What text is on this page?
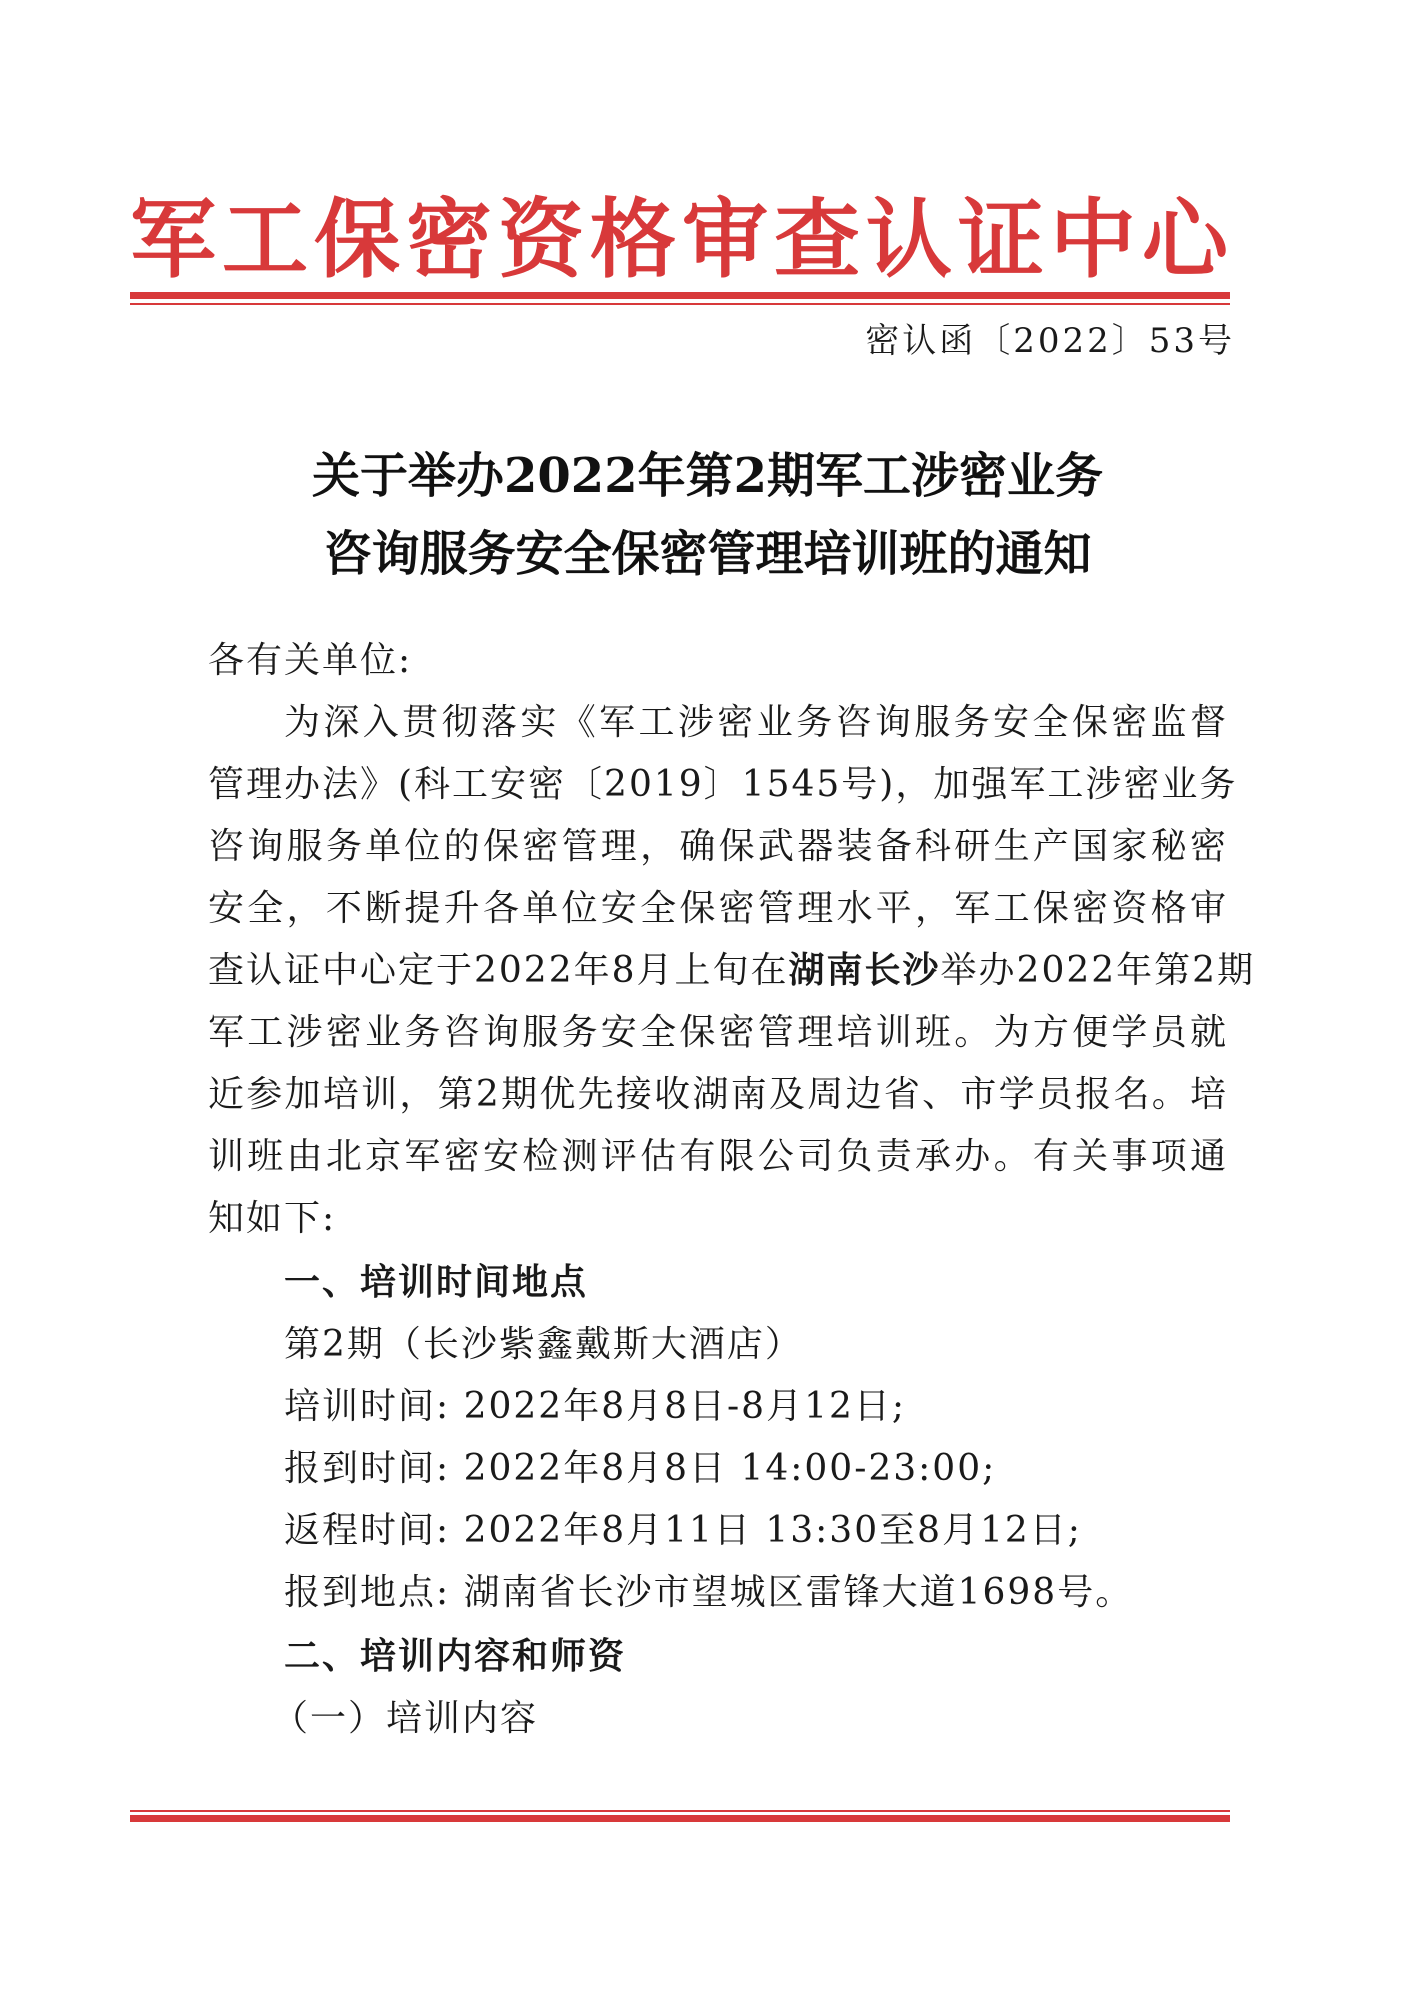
军工保密资格审查认证中心
密认函〔2022〕53号
关于举办2022年第2期军工涉密业务
咨询服务安全保密管理培训班的通知
各有关单位:
为深入贯彻落实《军工涉密业务咨询服务安全保密监督
管理办法》(科工安密〔2019〕1545号)，加强军工涉密业务
咨询服务单位的保密管理，确保武器装备科研生产国家秘密
安全，不断提升各单位安全保密管理水平，军工保密资格审
查认证中心定于2022年8月上旬在湖南长沙举办2022年第2期
军工涉密业务咨询服务安全保密管理培训班。为方便学员就
近参加培训，第2期优先接收湖南及周边省、市学员报名。培
训班由北京军密安检测评估有限公司负责承办。有关事项通
知如下:
一、培训时间地点
第2期（长沙紫鑫戴斯大酒店）
培训时间: 2022年8月8日-8月12日;
报到时间: 2022年8月8日 14:00-23:00;
返程时间: 2022年8月11日 13:30至8月12日;
报到地点: 湖南省长沙市望城区雷锋大道1698号。
二、培训内容和师资
（一）培训内容
